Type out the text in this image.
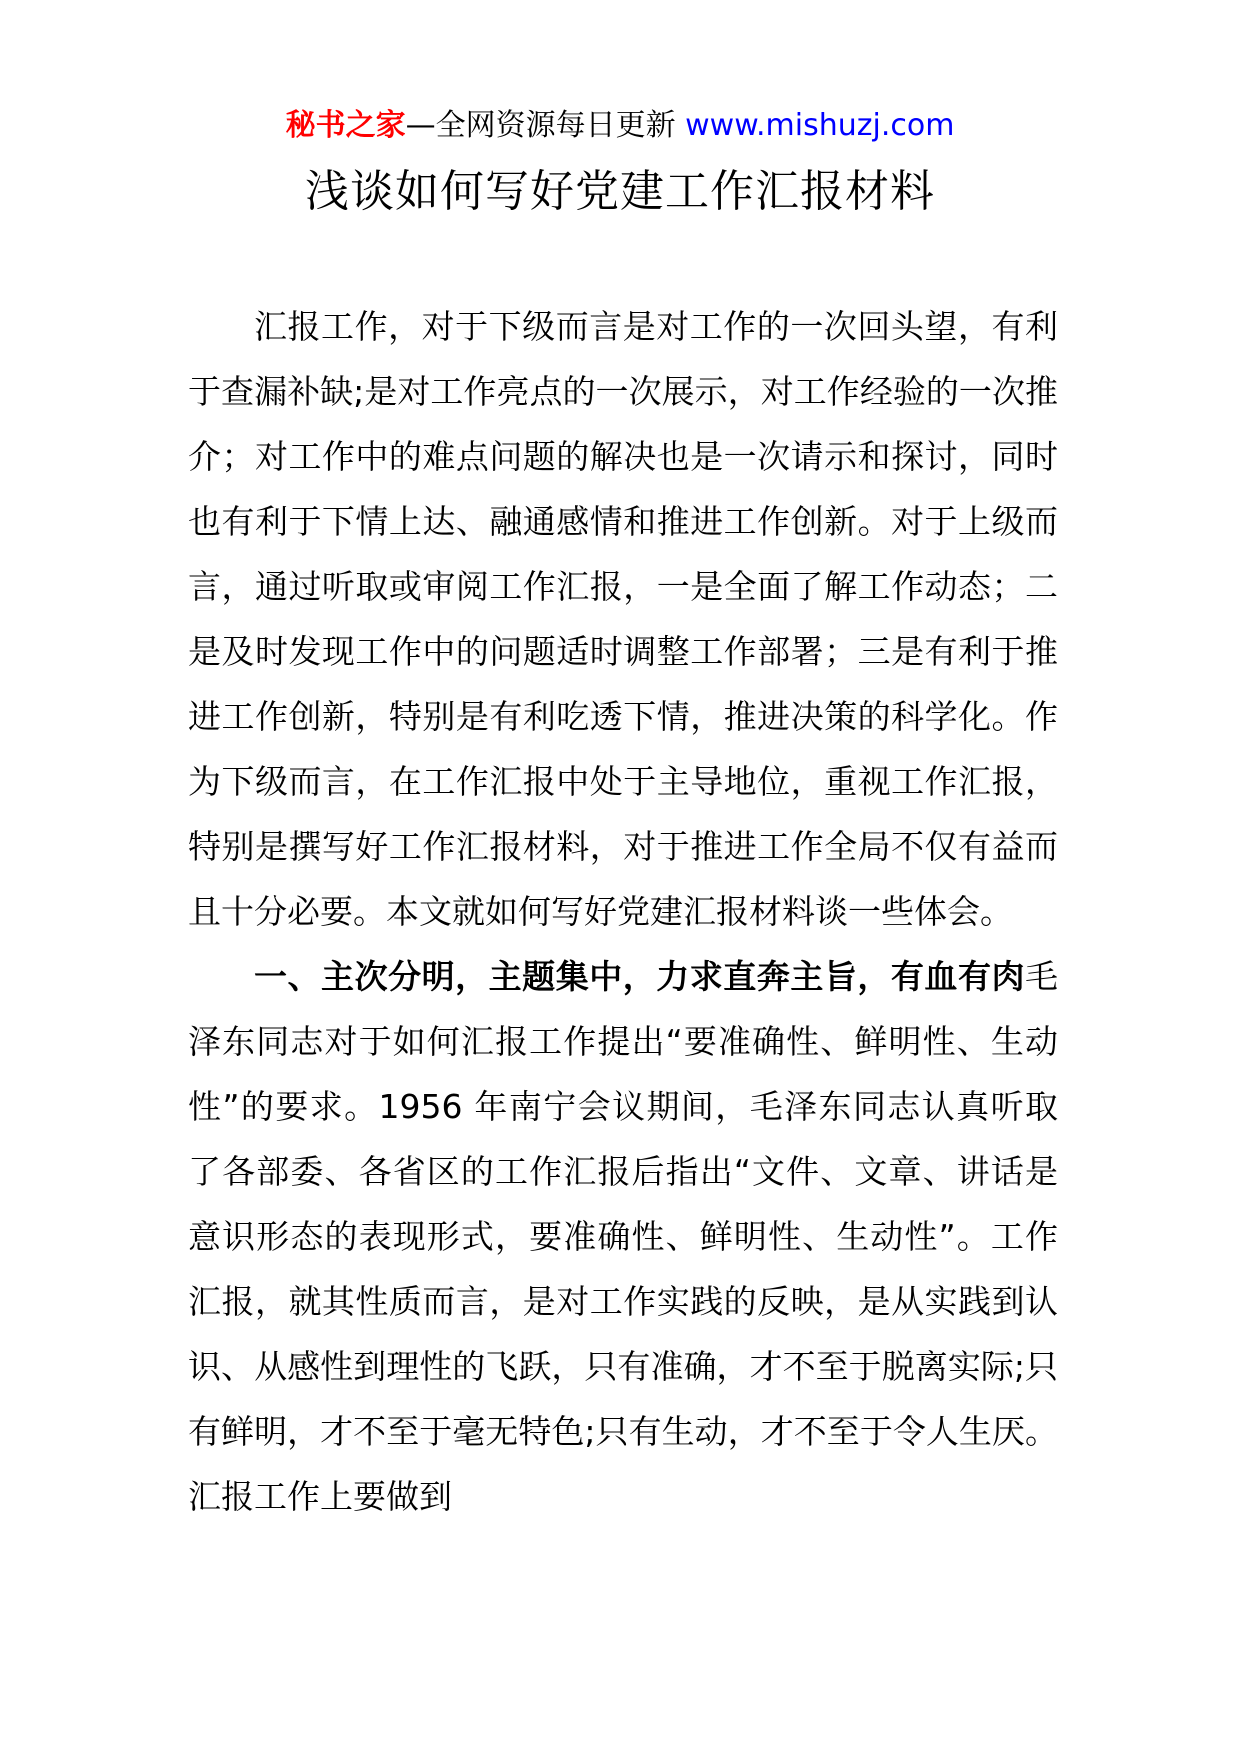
秘书之家—全网资源每日更新 www.mishuzj.com
浅谈如何写好党建工作汇报材料

汇报工作，对于下级而言是对工作的一次回头望，有利于查漏补缺;是对工作亮点的一次展示，对工作经验的一次推介；对工作中的难点问题的解决也是一次请示和探讨，同时也有利于下情上达、融通感情和推进工作创新。对于上级而言，通过听取或审阅工作汇报，一是全面了解工作动态；二是及时发现工作中的问题适时调整工作部署；三是有利于推进工作创新，特别是有利吃透下情，推进决策的科学化。作为下级而言，在工作汇报中处于主导地位，重视工作汇报，特别是撰写好工作汇报材料，对于推进工作全局不仅有益而且十分必要。本文就如何写好党建汇报材料谈一些体会。

一、主次分明，主题集中，力求直奔主旨，有血有肉毛泽东同志对于如何汇报工作提出“要准确性、鲜明性、生动性”的要求。1956 年南宁会议期间，毛泽东同志认真听取了各部委、各省区的工作汇报后指出“文件、文章、讲话是意识形态的表现形式，要准确性、鲜明性、生动性”。工作汇报，就其性质而言，是对工作实践的反映，是从实践到认识、从感性到理性的飞跃，只有准确，才不至于脱离实际;只有鲜明，才不至于毫无特色;只有生动，才不至于令人生厌。汇报工作上要做到
